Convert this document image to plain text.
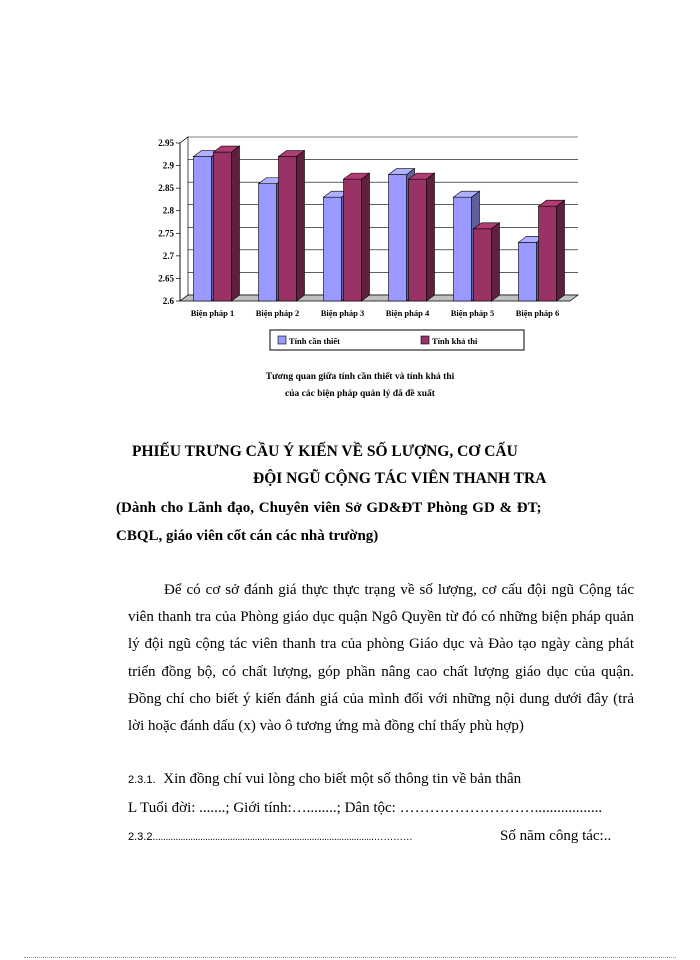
2.95
2.9
2.85
2.8
2.75
2.7
2.65
2.6
Biện pháp 1	Biện pháp 2	Biện pháp 3	Biện pháp 4	Biện pháp 5	Biện pháp 6
Tính cần thiết	Tính khả thi
Tương quan giữa tính cần thiết và tính khả thi
của các biện pháp quản lý đã đề xuất
PHIẾU TRƯNG CẦU Ý KIẾN VỀ SỐ LƯỢNG, CƠ CẤU
ĐỘI NGŨ CỘNG TÁC VIÊN THANH TRA
(Dành cho Lãnh đạo, Chuyên viên Sở GD&ĐT Phòng GD & ĐT;
CBQL, giáo viên cốt cán các nhà trường)
Để có cơ sở đánh giá thực thực trạng về số lượng, cơ cấu đội ngũ Cộng tác viên thanh tra của Phòng giáo dục quận Ngô Quyền từ đó có những biện pháp quản lý đội ngũ cộng tác viên thanh tra của phòng Giáo dục và Đào tạo ngày càng phát triển đồng bộ, có chất lượng, góp phần nâng cao chất lượng giáo dục của quận. Đồng chí cho biết ý kiến đánh giá của mình đối với những nội dung dưới đây (trả lời hoặc đánh dấu (x) vào ô tương ứng mà đồng chí thấy phù hợp)
2.3.1. Xin đồng chí vui lòng cho biết một số thông tin về bản thân
L Tuổi đời: .......; Giới tính:…........; Dân tộc: ………………………..................
2.3.2.........................................................................................…………	Số năm công tác:..
